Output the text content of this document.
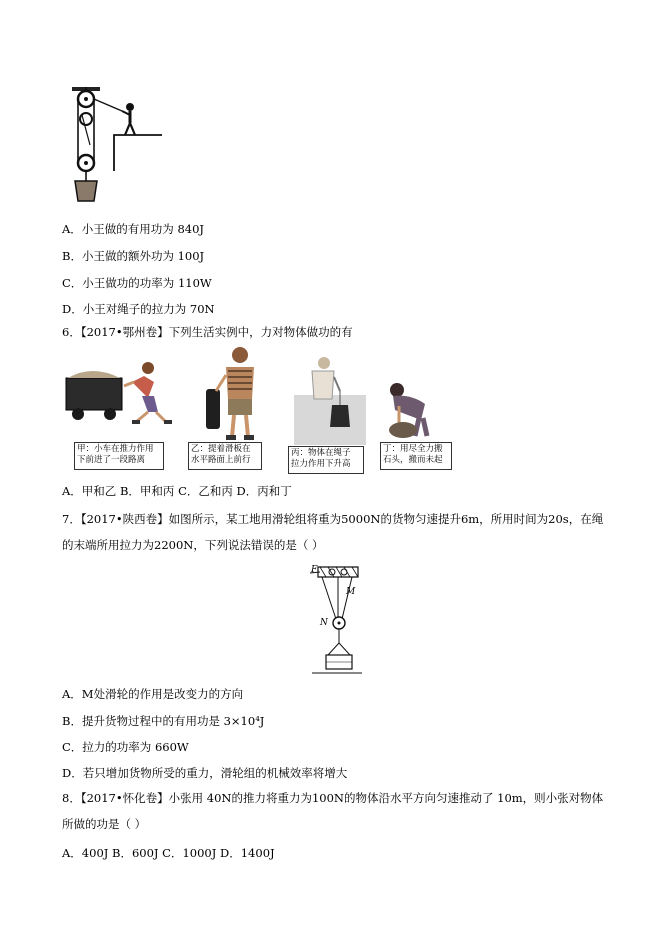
A．小王做的有用功为 840J
B．小王做的额外功为 100J
C．小王做功的功率为 110W
D．小王对绳子的拉力为 70N
6．【2017•鄂州卷】下列生活实例中，力对物体做功的有
甲：小车在推力作用
下前进了一段路离
乙：提着滑板在
水平路面上前行
丙：物体在绳子
拉力作用下升高
丁：用尽全力搬
石头，搬而未起
A．甲和乙 B．甲和丙 C．乙和丙 D．丙和丁
7．【2017•陕西卷】如图所示，某工地用滑轮组将重为5000N的货物匀速提升6m，所用时间为20s，在绳
的末端所用拉力为2200N，下列说法错误的是（ ）
F
M
N
A．M处滑轮的作用是改变力的方向
B．提升货物过程中的有用功是 3×10⁴J
C．拉力的功率为 660W
D．若只增加货物所受的重力，滑轮组的机械效率将增大
8．【2017•怀化卷】小张用 40N的推力将重力为100N的物体沿水平方向匀速推动了 10m，则小张对物体
所做的功是（ ）
A．400J B．600J C．1000J D．1400J
